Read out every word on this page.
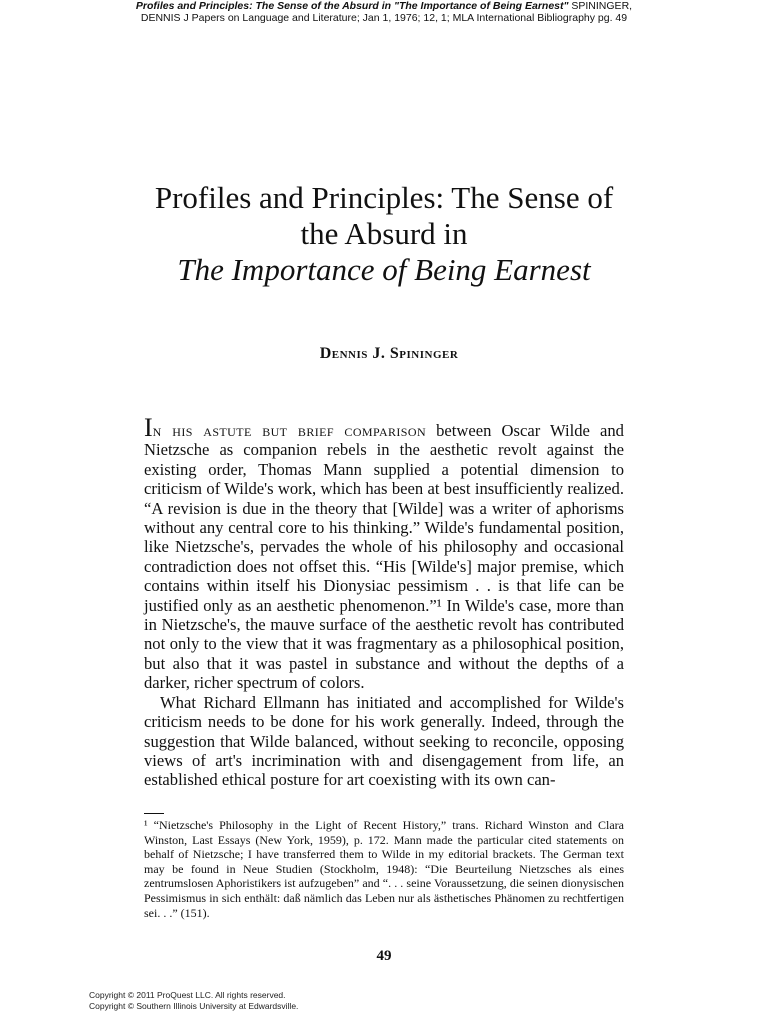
Profiles and Principles: The Sense of the Absurd in "The Importance of Being Earnest" SPININGER,
DENNIS J Papers on Language and Literature; Jan 1, 1976; 12, 1; MLA International Bibliography pg. 49
Profiles and Principles: The Sense of
the Absurd in
The Importance of Being Earnest
Dennis J. Spininger

In his astute but brief comparison between Oscar Wilde and Nietzsche as companion rebels in the aesthetic revolt against the existing order, Thomas Mann supplied a potential dimension to criticism of Wilde's work, which has been at best insufficiently realized. “A revision is due in the theory that [Wilde] was a writer of aphorisms without any central core to his thinking.” Wilde's fundamental position, like Nietzsche's, pervades the whole of his philosophy and occasional contradiction does not offset this. “His [Wilde's] major premise, which contains within itself his Dionysiac pessimism . . is that life can be justified only as an aesthetic phenomenon.”¹ In Wilde's case, more than in Nietzsche's, the mauve surface of the aesthetic revolt has contributed not only to the view that it was fragmentary as a philosophical position, but also that it was pastel in substance and without the depths of a darker, richer spectrum of colors.

What Richard Ellmann has initiated and accomplished for Wilde's criticism needs to be done for his work generally. Indeed, through the suggestion that Wilde balanced, without seeking to reconcile, opposing views of art's incrimination with and disengagement from life, an established ethical posture for art coexisting with its own can-

¹ “Nietzsche's Philosophy in the Light of Recent History,” trans. Richard Winston and Clara Winston, Last Essays (New York, 1959), p. 172. Mann made the particular cited statements on behalf of Nietzsche; I have transferred them to Wilde in my editorial brackets. The German text may be found in Neue Studien (Stockholm, 1948): “Die Beurteilung Nietzsches als eines zentrumslosen Aphoristikers ist aufzugeben” and “. . . seine Voraussetzung, die seinen dionysischen Pessimismus in sich enthält: daß nämlich das Leben nur als ästhetisches Phänomen zu rechtfertigen sei. . .” (151).

49
Copyright © 2011 ProQuest LLC. All rights reserved.
Copyright © Southern Illinois University at Edwardsville.
